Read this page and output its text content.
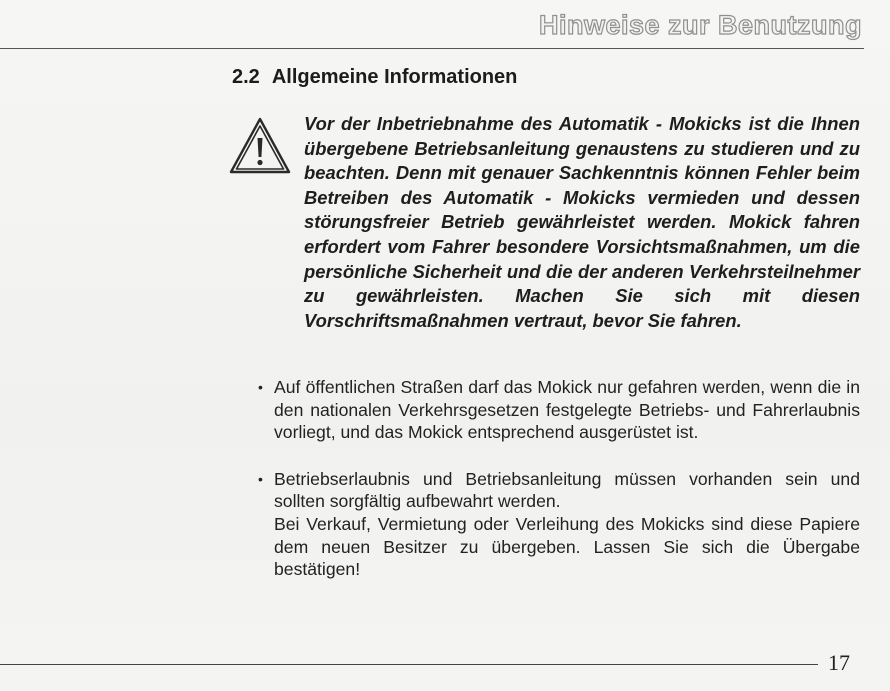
Hinweise zur Benutzung
2.2 Allgemeine Informationen
Vor der Inbetriebnahme des Automatik - Mokicks ist die Ihnen übergebene Betriebsanleitung genaustens zu studieren und zu beachten. Denn mit genauer Sachkenntnis können Fehler beim Betreiben des Automatik - Mokicks vermieden und dessen störungsfreier Betrieb gewährleistet werden. Mokick fahren erfordert vom Fahrer besondere Vorsichtsmaßnahmen, um die persönliche Sicherheit und die der anderen Verkehrsteilnehmer zu gewährleisten. Machen Sie sich mit diesen Vorschriftsmaßnahmen vertraut, bevor Sie fahren.
• Auf öffentlichen Straßen darf das Mokick nur gefahren werden, wenn die in den nationalen Verkehrsgesetzen festgelegte Betriebs- und Fahrerlaubnis vorliegt, und das Mokick entsprechend ausgerüstet ist.

• Betriebserlaubnis und Betriebsanleitung müssen vorhanden sein und sollten sorgfältig aufbewahrt werden.

Bei Verkauf, Vermietung oder Verleihung des Mokicks sind diese Papiere dem neuen Besitzer zu übergeben. Lassen Sie sich die Übergabe bestätigen!

17
